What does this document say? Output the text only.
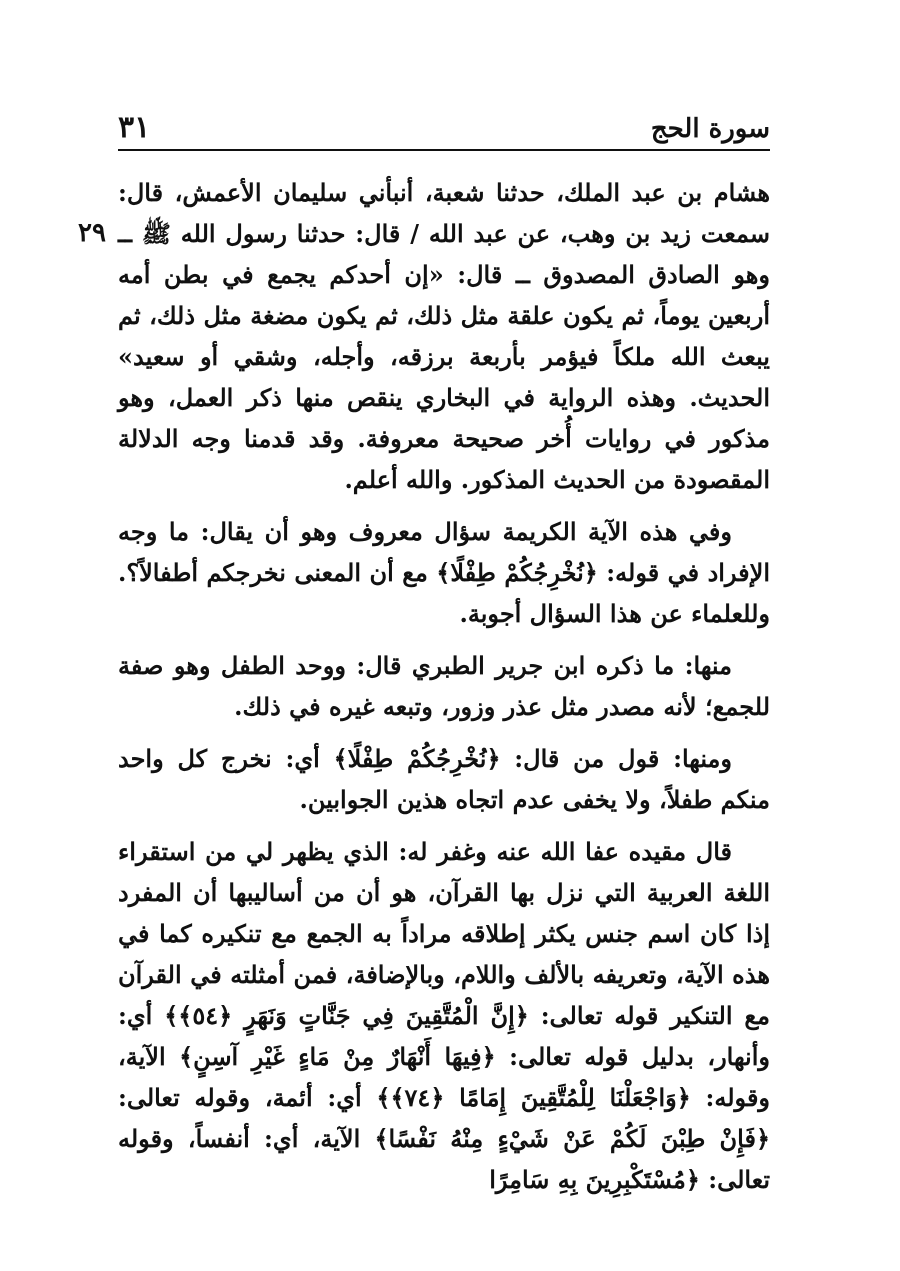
سورة الحج
٣١
٢٩

هشام بن عبد الملك، حدثنا شعبة، أنبأني سليمان الأعمش، قال: سمعت زيد بن وهب، عن عبد الله / قال: حدثنا رسول الله ﷺ ــ وهو الصادق المصدوق ــ قال: «إن أحدكم يجمع في بطن أمه أربعين يوماً، ثم يكون علقة مثل ذلك، ثم يكون مضغة مثل ذلك، ثم يبعث الله ملكاً فيؤمر بأربعة برزقه، وأجله، وشقي أو سعيد» الحديث. وهذه الرواية في البخاري ينقص منها ذكر العمل، وهو مذكور في روايات أُخر صحيحة معروفة. وقد قدمنا وجه الدلالة المقصودة من الحديث المذكور. والله أعلم.

وفي هذه الآية الكريمة سؤال معروف وهو أن يقال: ما وجه الإفراد في قوله: ﴿نُخْرِجُكُمْ طِفْلًا﴾ مع أن المعنى نخرجكم أطفالاً؟. وللعلماء عن هذا السؤال أجوبة.

منها: ما ذكره ابن جرير الطبري قال: ووحد الطفل وهو صفة للجمع؛ لأنه مصدر مثل عذر وزور، وتبعه غيره في ذلك.

ومنها: قول من قال: ﴿نُخْرِجُكُمْ طِفْلًا﴾ أي: نخرج كل واحد منكم طفلاً، ولا يخفى عدم اتجاه هذين الجوابين.

قال مقيده عفا الله عنه وغفر له: الذي يظهر لي من استقراء اللغة العربية التي نزل بها القرآن، هو أن من أساليبها أن المفرد إذا كان اسم جنس يكثر إطلاقه مراداً به الجمع مع تنكيره كما في هذه الآية، وتعريفه بالألف واللام، وبالإضافة، فمن أمثلته في القرآن مع التنكير قوله تعالى: ﴿إِنَّ الْمُتَّقِينَ فِي جَنَّاتٍ وَنَهَرٍ ﴿٥٤﴾﴾ أي: وأنهار، بدليل قوله تعالى: ﴿فِيهَا أَنْهَارٌ مِنْ مَاءٍ غَيْرِ آسِنٍ﴾ الآية، وقوله: ﴿وَاجْعَلْنَا لِلْمُتَّقِينَ إِمَامًا ﴿٧٤﴾﴾ أي: أئمة، وقوله تعالى: ﴿فَإِنْ طِبْنَ لَكُمْ عَنْ شَيْءٍ مِنْهُ نَفْسًا﴾ الآية، أي: أنفساً، وقوله تعالى: ﴿مُسْتَكْبِرِينَ بِهِ سَامِرًا
